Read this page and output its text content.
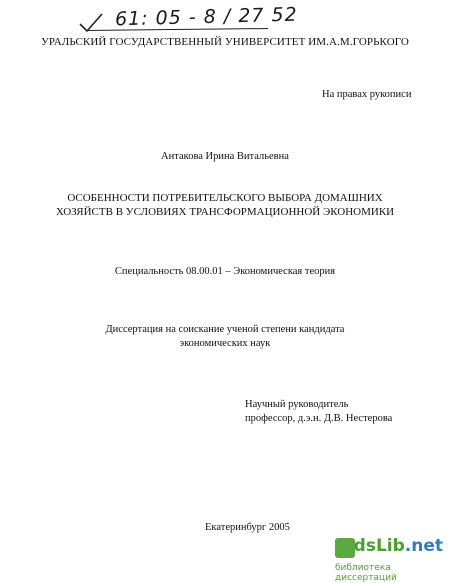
61: 05 - 8 / 27 52
УРАЛЬСКИЙ ГОСУДАРСТВЕННЫЙ УНИВЕРСИТЕТ ИМ.А.М.ГОРЬКОГО
На правах рукописи
Антакова Ирина Витальевна
ОСОБЕННОСТИ ПОТРЕБИТЕЛЬСКОГО ВЫБОРА ДОМАШНИХ
ХОЗЯЙСТВ В УСЛОВИЯХ ТРАНСФОРМАЦИОННОЙ ЭКОНОМИКИ
Специальность 08.00.01 – Экономическая теория
Диссертация на соискание ученой степени кандидата
экономических наук
Научный руководитель
профессор, д.э.н. Д.В. Нестерова
Екатеринбург 2005
dsLib.net
библиотека диссертаций
